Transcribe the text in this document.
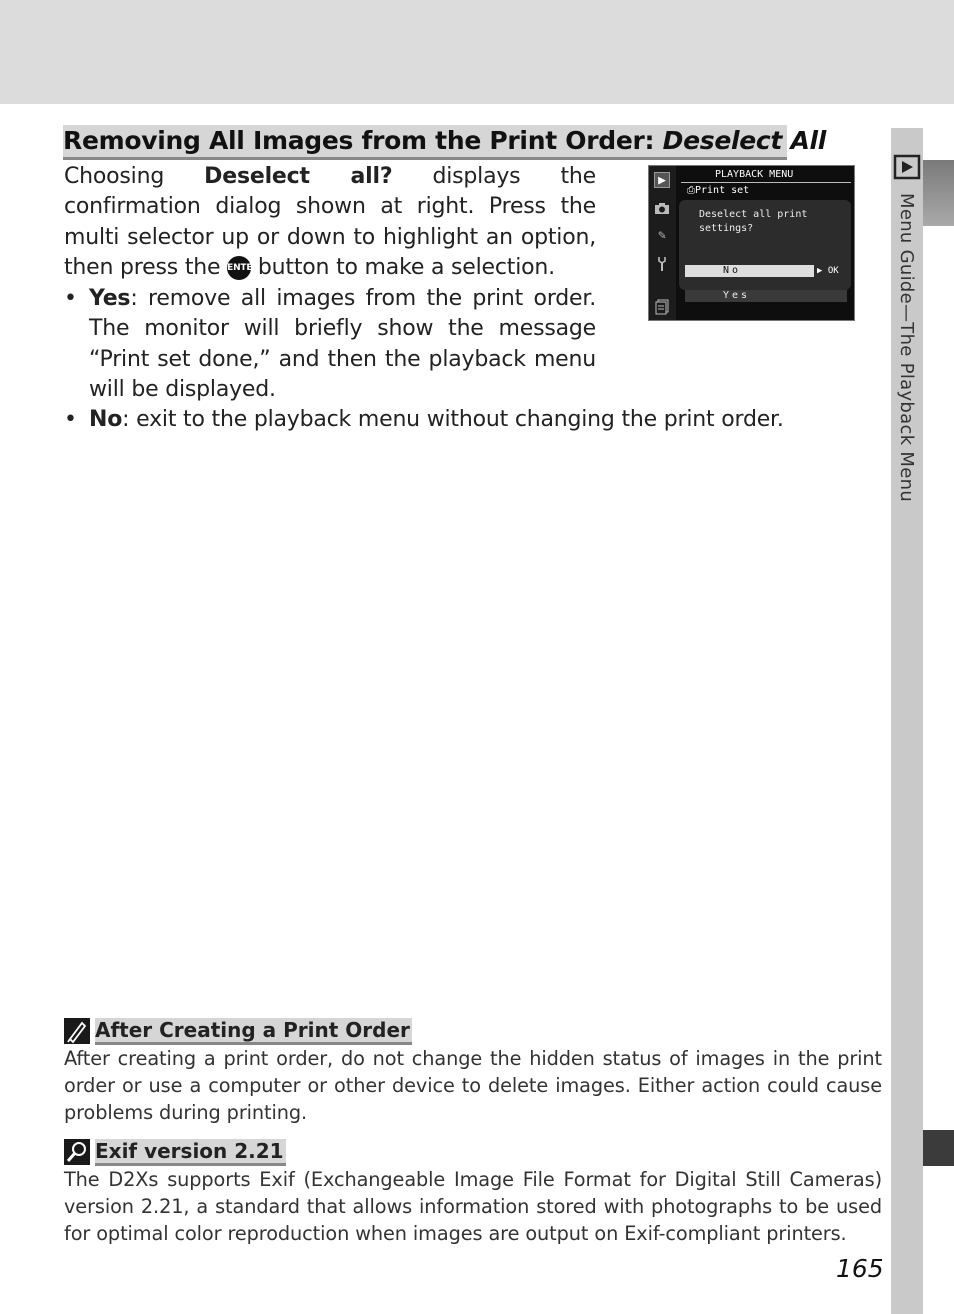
Menu Guide—The Playback Menu
Removing All Images from the Print Order: Deselect All
Choosing Deselect all? displays the confirmation dialog shown at right. Press the multi selector up or down to highlight an option, then press the ENTER button to make a selection.
• Yes: remove all images from the print order. The monitor will briefly show the message “Print set done,” and then the playback menu will be displayed.
• No: exit to the playback menu without changing the print order.
▶
✎
PLAYBACK MENU
⎙Print set
Deselect all print
settings?
No	▶ OK
Yes
After Creating a Print Order
After creating a print order, do not change the hidden status of images in the print order or use a computer or other device to delete images. Either action could cause problems during printing.
Exif version 2.21
The D2Xs supports Exif (Exchangeable Image File Format for Digital Still Cameras) version 2.21, a standard that allows information stored with photographs to be used for optimal color reproduction when images are output on Exif-compliant printers.
165
